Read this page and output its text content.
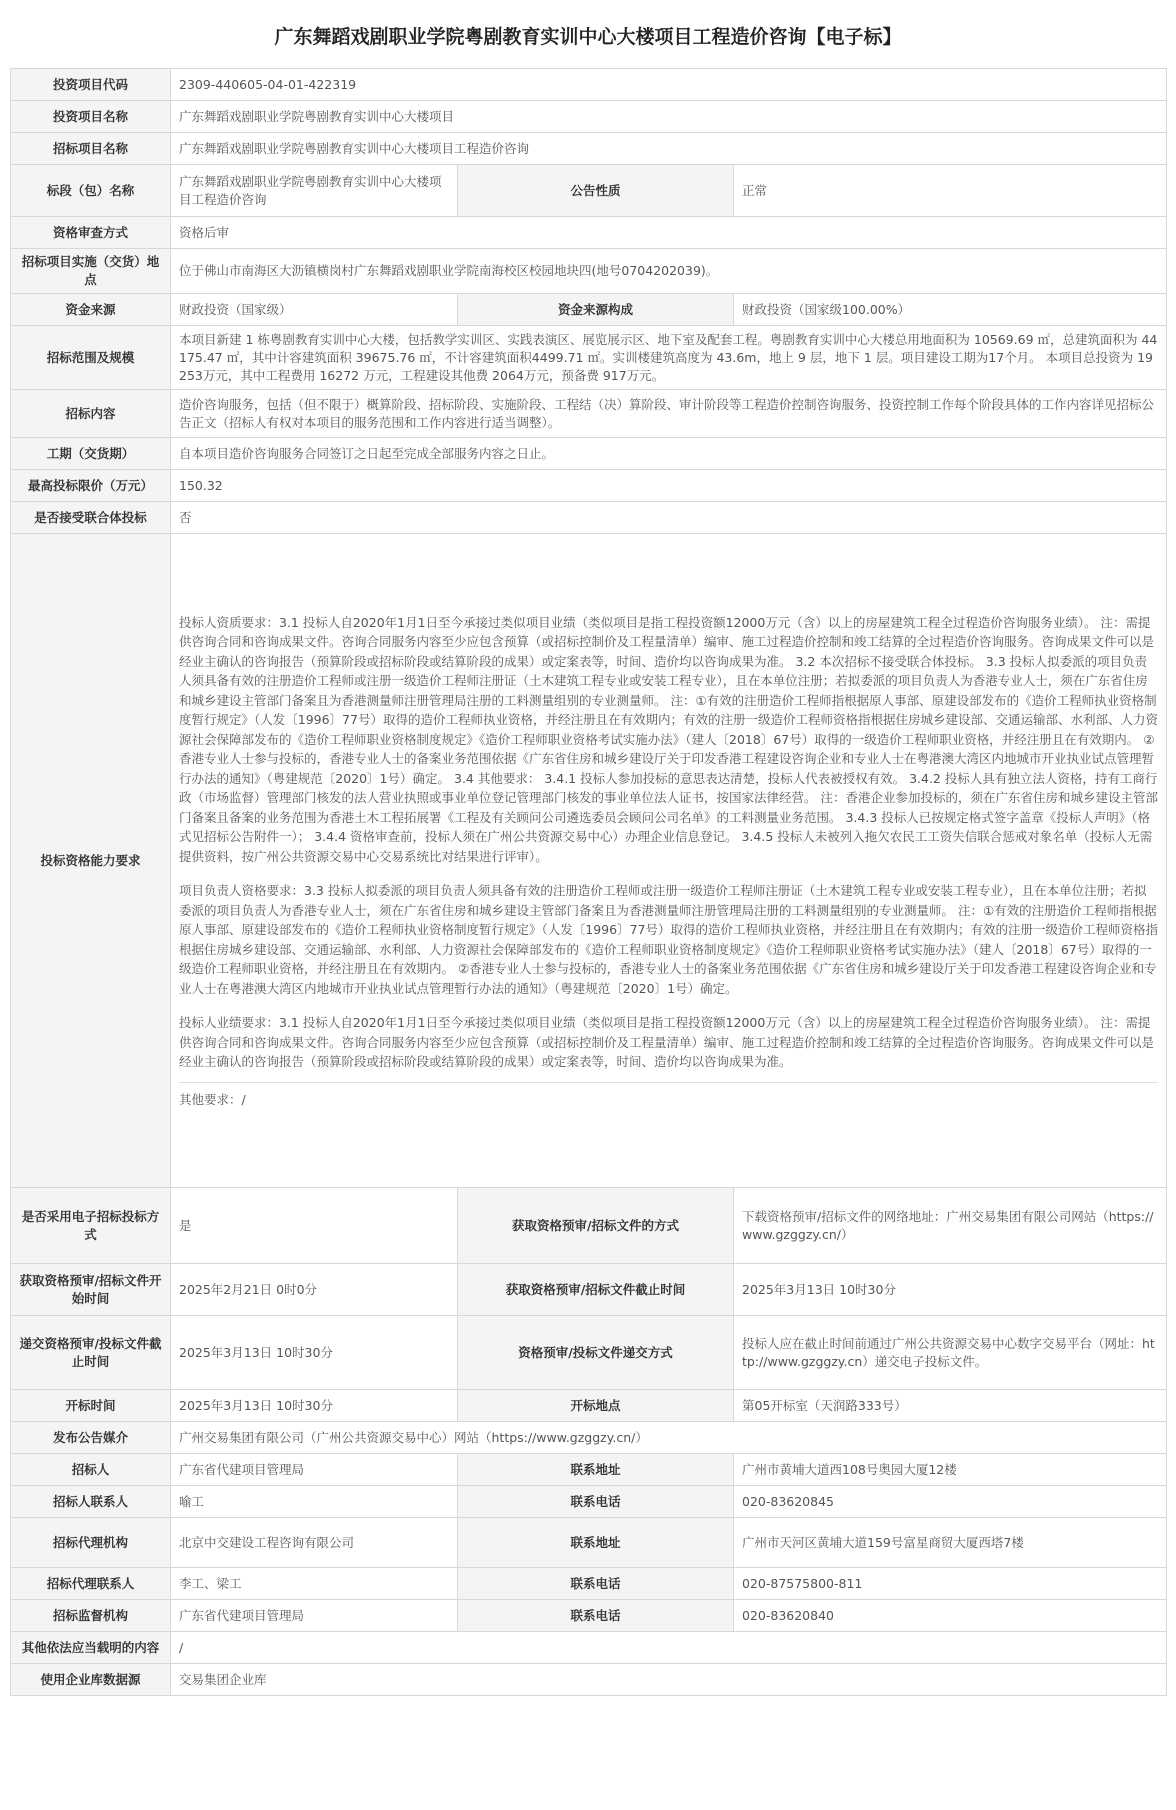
广东舞蹈戏剧职业学院粤剧教育实训中心大楼项目工程造价咨询【电子标】
投资项目代码	2309-440605-04-01-422319		
投资项目名称	广东舞蹈戏剧职业学院粤剧教育实训中心大楼项目		
招标项目名称	广东舞蹈戏剧职业学院粤剧教育实训中心大楼项目工程造价咨询		
标段（包）名称	广东舞蹈戏剧职业学院粤剧教育实训中心大楼项目工程造价咨询	公告性质	正常
资格审查方式	资格后审		
招标项目实施（交货）地点	位于佛山市南海区大沥镇横岗村广东舞蹈戏剧职业学院南海校区校园地块四(地号0704202039)。		
资金来源	财政投资（国家级）	资金来源构成	财政投资（国家级100.00%）
招标范围及规模	本项目新建 1 栋粤剧教育实训中心大楼，包括教学实训区、实践表演区、展览展示区、地下室及配套工程。粤剧教育实训中心大楼总用地面积为 10569.69 ㎡，总建筑面积为 44175.47 ㎡，其中计容建筑面积 39675.76 ㎡，不计容建筑面积4499.71 ㎡。实训楼建筑高度为 43.6m，地上 9 层，地下 1 层。项目建设工期为17个月。 本项目总投资为 19253万元，其中工程费用 16272 万元，工程建设其他费 2064万元，预备费 917万元。		
招标内容	造价咨询服务，包括（但不限于）概算阶段、招标阶段、实施阶段、工程结（决）算阶段、审计阶段等工程造价控制咨询服务、投资控制工作每个阶段具体的工作内容详见招标公告正文（招标人有权对本项目的服务范围和工作内容进行适当调整）。		
工期（交货期）	自本项目造价咨询服务合同签订之日起至完成全部服务内容之日止。		
最高投标限价（万元）	150.32		
是否接受联合体投标	否		
投标资格能力要求	投标人资质要求：3.1 投标人自2020年1月1日至今承接过类似项目业绩（类似项目是指工程投资额12000万元（含）以上的房屋建筑工程全过程造价咨询服务业绩）。 注：需提供咨询合同和咨询成果文件。咨询合同服务内容至少应包含预算（或招标控制价及工程量清单）编审、施工过程造价控制和竣工结算的全过程造价咨询服务。咨询成果文件可以是经业主确认的咨询报告（预算阶段或招标阶段或结算阶段的成果）或定案表等，时间、造价均以咨询成果为准。 3.2 本次招标不接受联合体投标。 3.3 投标人拟委派的项目负责人须具备有效的注册造价工程师或注册一级造价工程师注册证（土木建筑工程专业或安装工程专业），且在本单位注册；若拟委派的项目负责人为香港专业人士，须在广东省住房和城乡建设主管部门备案且为香港测量师注册管理局注册的工料测量组别的专业测量师。 注：①有效的注册造价工程师指根据原人事部、原建设部发布的《造价工程师执业资格制度暂行规定》（人发〔1996〕77号）取得的造价工程师执业资格，并经注册且在有效期内；有效的注册一级造价工程师资格指根据住房城乡建设部、交通运输部、水利部、人力资源社会保障部发布的《造价工程师职业资格制度规定》《造价工程师职业资格考试实施办法》（建人〔2018〕67号）取得的一级造价工程师职业资格，并经注册且在有效期内。 ②香港专业人士参与投标的，香港专业人士的备案业务范围依据《广东省住房和城乡建设厅关于印发香港工程建设咨询企业和专业人士在粤港澳大湾区内地城市开业执业试点管理暂行办法的通知》（粤建规范〔2020〕1号）确定。 3.4 其他要求： 3.4.1 投标人参加投标的意思表达清楚，投标人代表被授权有效。 3.4.2 投标人具有独立法人资格，持有工商行政（市场监督）管理部门核发的法人营业执照或事业单位登记管理部门核发的事业单位法人证书，按国家法律经营。 注：香港企业参加投标的，须在广东省住房和城乡建设主管部门备案且备案的业务范围为香港土木工程拓展署《工程及有关顾问公司遴选委员会顾问公司名单》的工料测量业务范围。 3.4.3 投标人已按规定格式签字盖章《投标人声明》（格式见招标公告附件一）； 3.4.4 资格审查前，投标人须在广州公共资源交易中心）办理企业信息登记。 3.4.5 投标人未被列入拖欠农民工工资失信联合惩戒对象名单（投标人无需提供资料，按广州公共资源交易中心交易系统比对结果进行评审）。
项目负责人资格要求：3.3 投标人拟委派的项目负责人须具备有效的注册造价工程师或注册一级造价工程师注册证（土木建筑工程专业或安装工程专业），且在本单位注册；若拟委派的项目负责人为香港专业人士，须在广东省住房和城乡建设主管部门备案且为香港测量师注册管理局注册的工料测量组别的专业测量师。 注：①有效的注册造价工程师指根据原人事部、原建设部发布的《造价工程师执业资格制度暂行规定》（人发〔1996〕77号）取得的造价工程师执业资格，并经注册且在有效期内；有效的注册一级造价工程师资格指根据住房城乡建设部、交通运输部、水利部、人力资源社会保障部发布的《造价工程师职业资格制度规定》《造价工程师职业资格考试实施办法》（建人〔2018〕67号）取得的一级造价工程师职业资格，并经注册且在有效期内。 ②香港专业人士参与投标的，香港专业人士的备案业务范围依据《广东省住房和城乡建设厅关于印发香港工程建设咨询企业和专业人士在粤港澳大湾区内地城市开业执业试点管理暂行办法的通知》（粤建规范〔2020〕1号）确定。
投标人业绩要求：3.1 投标人自2020年1月1日至今承接过类似项目业绩（类似项目是指工程投资额12000万元（含）以上的房屋建筑工程全过程造价咨询服务业绩）。 注：需提供咨询合同和咨询成果文件。咨询合同服务内容至少应包含预算（或招标控制价及工程量清单）编审、施工过程造价控制和竣工结算的全过程造价咨询服务。咨询成果文件可以是经业主确认的咨询报告（预算阶段或招标阶段或结算阶段的成果）或定案表等，时间、造价均以咨询成果为准。
其他要求：/		

是否采用电子招标投标方式	是	获取资格预审/招标文件的方式	下载资格预审/招标文件的网络地址：广州交易集团有限公司网站（https://www.gzggzy.cn/）
获取资格预审/招标文件开始时间	2025年2月21日 0时0分	获取资格预审/招标文件截止时间	2025年3月13日 10时30分
递交资格预审/投标文件截止时间	2025年3月13日 10时30分	资格预审/投标文件递交方式	投标人应在截止时间前通过广州公共资源交易中心数字交易平台（网址：http://www.gzggzy.cn）递交电子投标文件。
开标时间	2025年3月13日 10时30分	开标地点	第05开标室（天润路333号）
发布公告媒介	广州交易集团有限公司（广州公共资源交易中心）网站（https://www.gzggzy.cn/）		
招标人	广东省代建项目管理局	联系地址	广州市黄埔大道西108号奥园大厦12楼
招标人联系人	喻工	联系电话	020-83620845
招标代理机构	北京中交建设工程咨询有限公司	联系地址	广州市天河区黄埔大道159号富星商贸大厦西塔7楼
招标代理联系人	李工、梁工	联系电话	020-87575800-811
招标监督机构	广东省代建项目管理局	联系电话	020-83620840
其他依法应当载明的内容	/		
使用企业库数据源	交易集团企业库		
